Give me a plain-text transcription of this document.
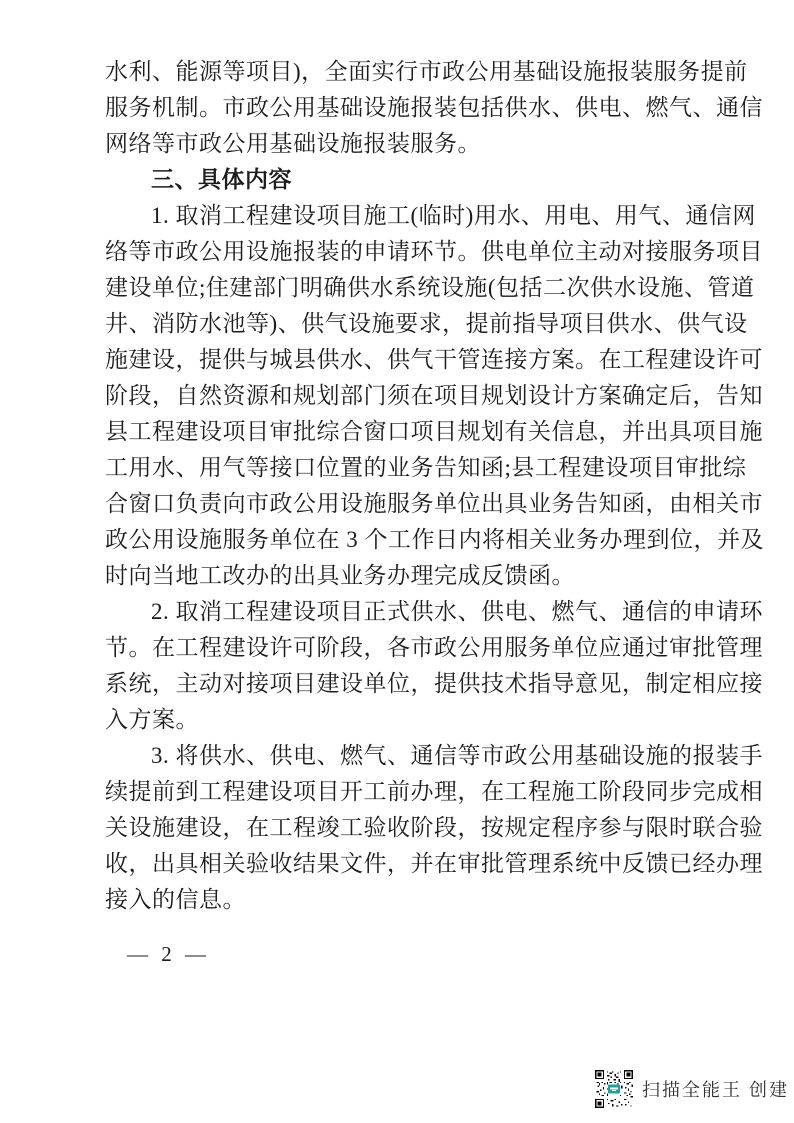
水利、能源等项目)，全面实行市政公用基础设施报装服务提前
服务机制。市政公用基础设施报装包括供水、供电、燃气、通信
网络等市政公用基础设施报装服务。
三、具体内容
1. 取消工程建设项目施工(临时)用水、用电、用气、通信网
络等市政公用设施报装的申请环节。供电单位主动对接服务项目
建设单位;住建部门明确供水系统设施(包括二次供水设施、管道
井、消防水池等)、供气设施要求，提前指导项目供水、供气设
施建设，提供与城县供水、供气干管连接方案。在工程建设许可
阶段，自然资源和规划部门须在项目规划设计方案确定后，告知
县工程建设项目审批综合窗口项目规划有关信息，并出具项目施
工用水、用气等接口位置的业务告知函;县工程建设项目审批综
合窗口负责向市政公用设施服务单位出具业务告知函，由相关市
政公用设施服务单位在 3 个工作日内将相关业务办理到位，并及
时向当地工改办的出具业务办理完成反馈函。
2. 取消工程建设项目正式供水、供电、燃气、通信的申请环
节。在工程建设许可阶段，各市政公用服务单位应通过审批管理
系统，主动对接项目建设单位，提供技术指导意见，制定相应接
入方案。
3. 将供水、供电、燃气、通信等市政公用基础设施的报装手
续提前到工程建设项目开工前办理，在工程施工阶段同步完成相
关设施建设，在工程竣工验收阶段，按规定程序参与限时联合验
收，出具相关验收结果文件，并在审批管理系统中反馈已经办理
接入的信息。
— 2 —
扫描全能王 创建
